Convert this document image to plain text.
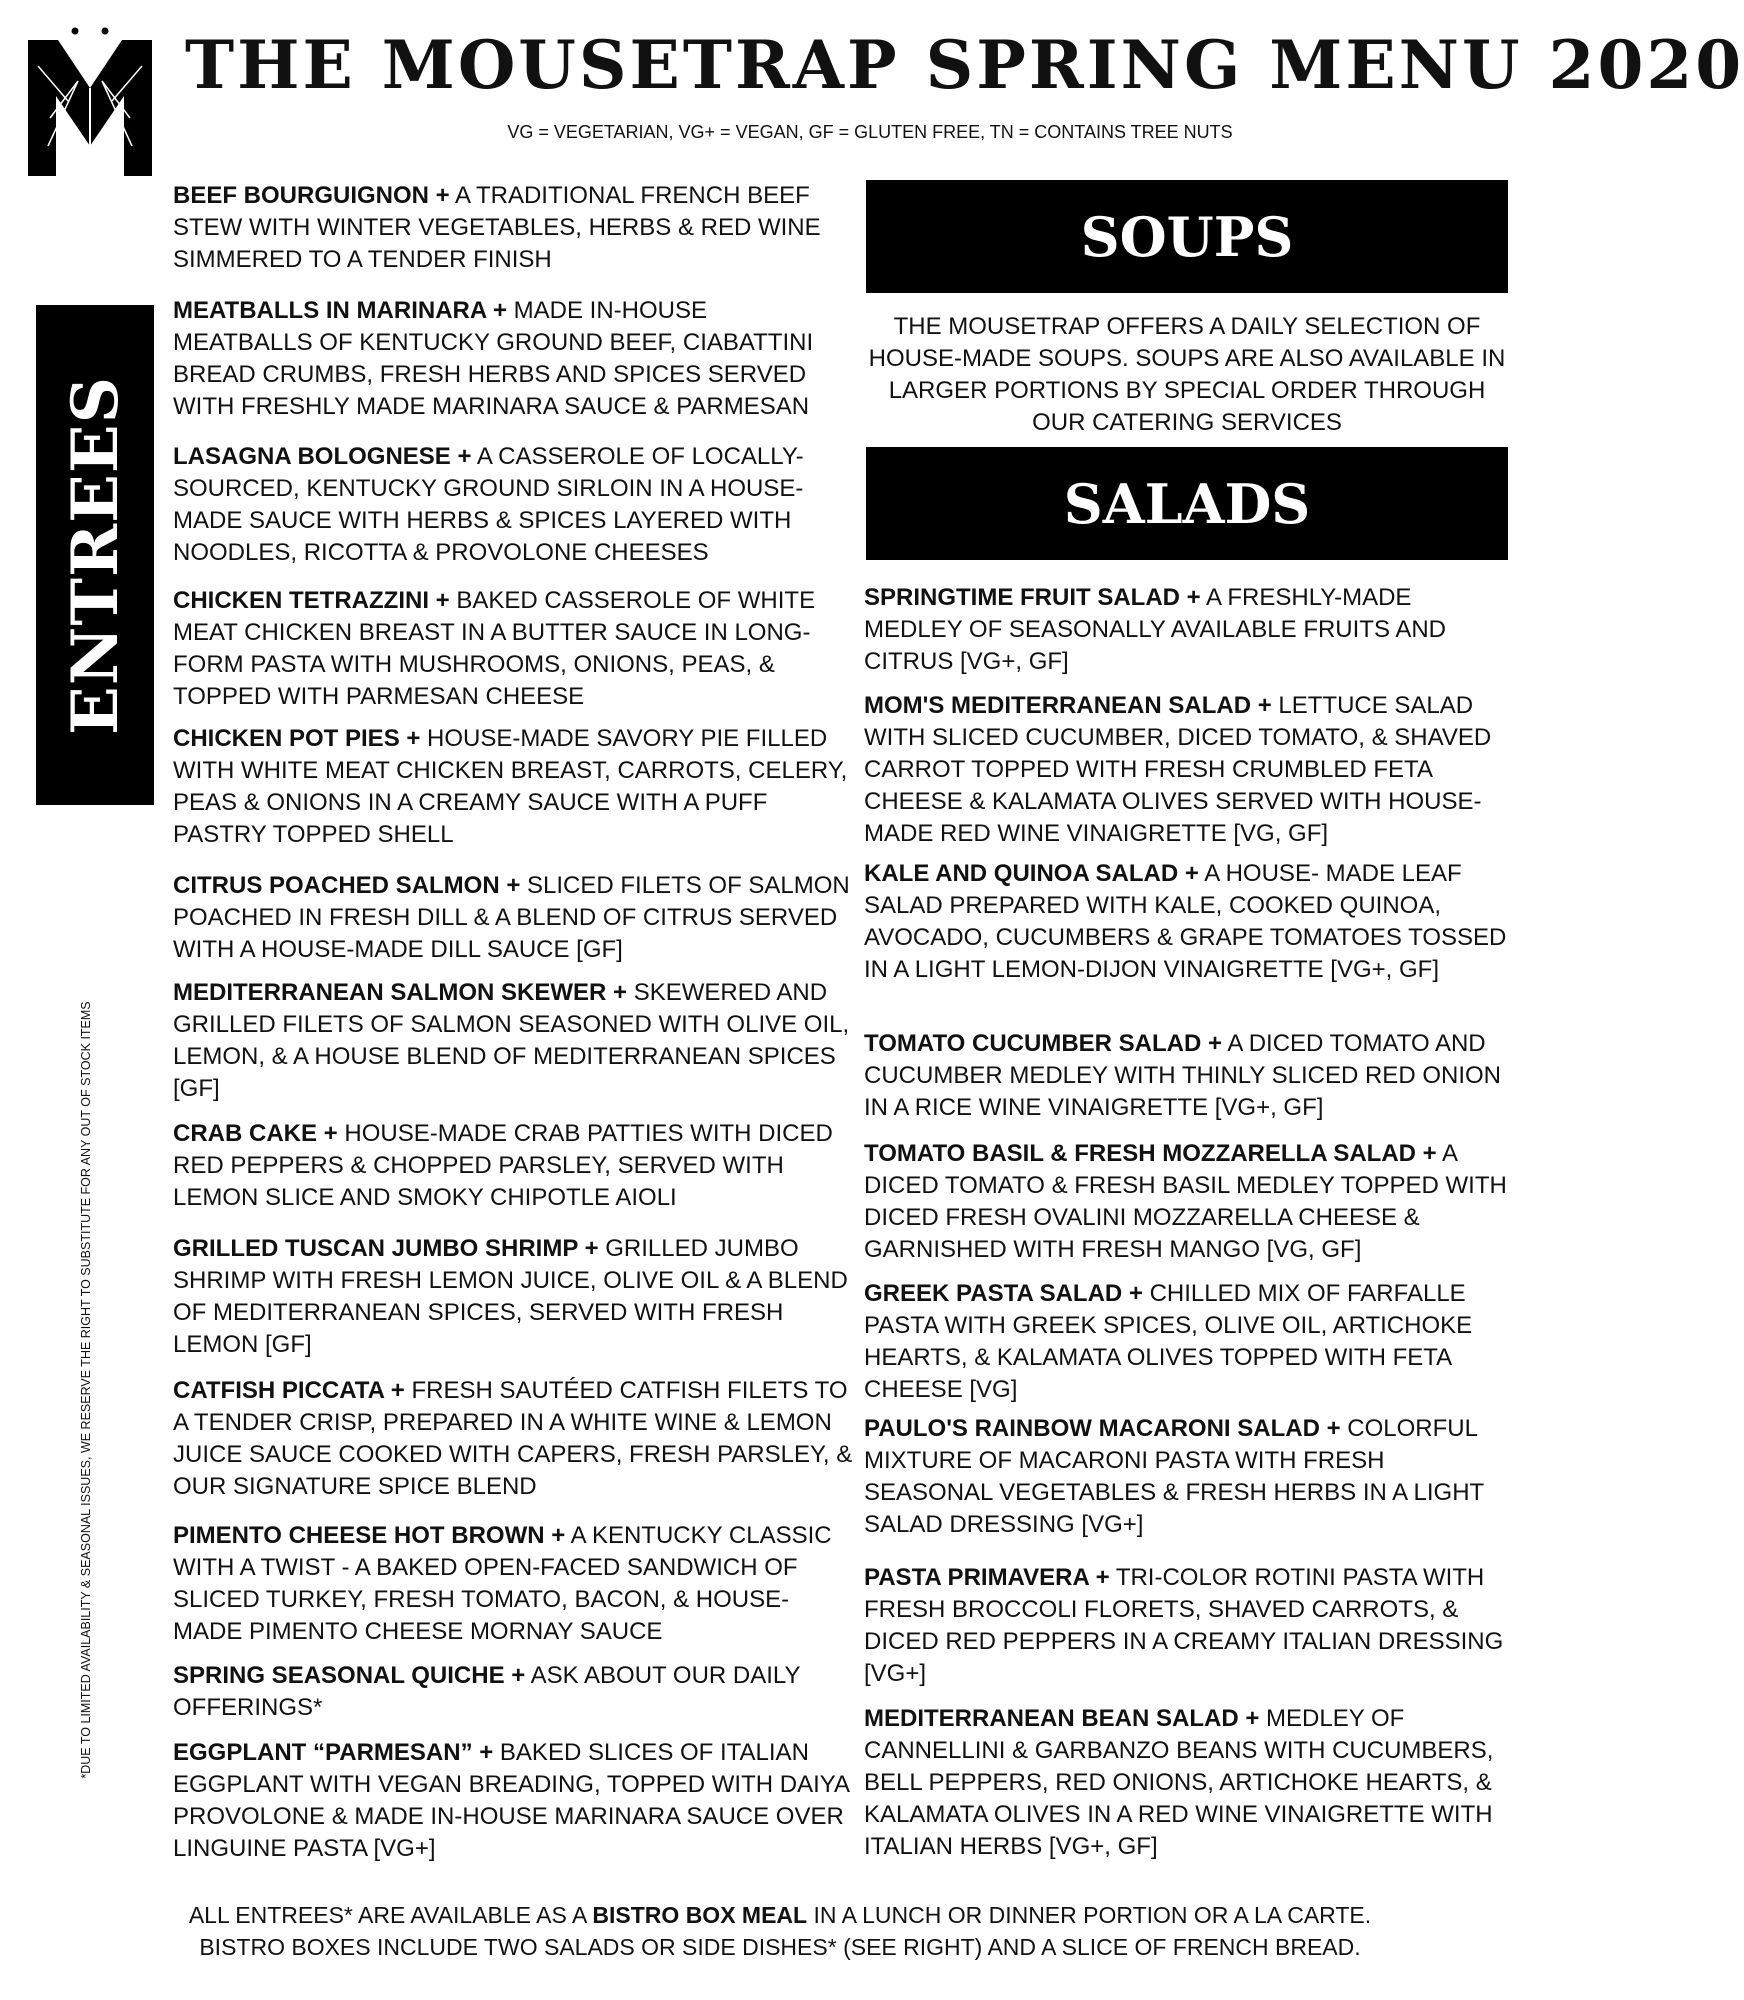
THE MOUSETRAP SPRING MENU 2020
VG = VEGETARIAN, VG+ = VEGAN, GF = GLUTEN FREE, TN = CONTAINS TREE NUTS
ENTREES
*DUE TO LIMITED AVAILABILITY & SEASONAL ISSUES, WE RESERVE THE RIGHT TO SUBSTITUTE FOR ANY OUT OF STOCK ITEMS
BEEF BOURGUIGNON + A TRADITIONAL FRENCH BEEF STEW WITH WINTER VEGETABLES, HERBS & RED WINE SIMMERED TO A TENDER FINISH
MEATBALLS IN MARINARA + MADE IN-HOUSE MEATBALLS OF KENTUCKY GROUND BEEF, CIABATTINI BREAD CRUMBS, FRESH HERBS AND SPICES SERVED WITH FRESHLY MADE MARINARA SAUCE & PARMESAN
LASAGNA BOLOGNESE + A CASSEROLE OF LOCALLY-SOURCED, KENTUCKY GROUND SIRLOIN IN A HOUSE-MADE SAUCE WITH HERBS & SPICES LAYERED WITH NOODLES, RICOTTA & PROVOLONE CHEESES
CHICKEN TETRAZZINI + BAKED CASSEROLE OF WHITE MEAT CHICKEN BREAST IN A BUTTER SAUCE IN LONG-FORM PASTA WITH MUSHROOMS, ONIONS, PEAS, & TOPPED WITH PARMESAN CHEESE
CHICKEN POT PIES + HOUSE-MADE SAVORY PIE FILLED WITH WHITE MEAT CHICKEN BREAST, CARROTS, CELERY, PEAS & ONIONS IN A CREAMY SAUCE WITH A PUFF PASTRY TOPPED SHELL
CITRUS POACHED SALMON + SLICED FILETS OF SALMON POACHED IN FRESH DILL & A BLEND OF CITRUS SERVED WITH A HOUSE-MADE DILL SAUCE [GF]
MEDITERRANEAN SALMON SKEWER + SKEWERED AND GRILLED FILETS OF SALMON SEASONED WITH OLIVE OIL, LEMON, & A HOUSE BLEND OF MEDITERRANEAN SPICES [GF]
CRAB CAKE + HOUSE-MADE CRAB PATTIES WITH DICED RED PEPPERS & CHOPPED PARSLEY, SERVED WITH LEMON SLICE AND SMOKY CHIPOTLE AIOLI
GRILLED TUSCAN JUMBO SHRIMP + GRILLED JUMBO SHRIMP WITH FRESH LEMON JUICE, OLIVE OIL & A BLEND OF MEDITERRANEAN SPICES, SERVED WITH FRESH LEMON [GF]
CATFISH PICCATA + FRESH SAUTÉED CATFISH FILETS TO A TENDER CRISP, PREPARED IN A WHITE WINE & LEMON JUICE SAUCE COOKED WITH CAPERS, FRESH PARSLEY, & OUR SIGNATURE SPICE BLEND
PIMENTO CHEESE HOT BROWN + A KENTUCKY CLASSIC WITH A TWIST - A BAKED OPEN-FACED SANDWICH OF SLICED TURKEY, FRESH TOMATO, BACON, & HOUSE-MADE PIMENTO CHEESE MORNAY SAUCE
SPRING SEASONAL QUICHE + ASK ABOUT OUR DAILY OFFERINGS*
EGGPLANT “PARMESAN” + BAKED SLICES OF ITALIAN EGGPLANT WITH VEGAN BREADING, TOPPED WITH DAIYA PROVOLONE & MADE IN-HOUSE MARINARA SAUCE OVER LINGUINE PASTA [VG+]
SOUPS
THE MOUSETRAP OFFERS A DAILY SELECTION OF HOUSE-MADE SOUPS. SOUPS ARE ALSO AVAILABLE IN LARGER PORTIONS BY SPECIAL ORDER THROUGH OUR CATERING SERVICES
SALADS
SPRINGTIME FRUIT SALAD + A FRESHLY-MADE MEDLEY OF SEASONALLY AVAILABLE FRUITS AND CITRUS [VG+, GF]
MOM'S MEDITERRANEAN SALAD + LETTUCE SALAD WITH SLICED CUCUMBER, DICED TOMATO, & SHAVED CARROT TOPPED WITH FRESH CRUMBLED FETA CHEESE & KALAMATA OLIVES SERVED WITH HOUSE-MADE RED WINE VINAIGRETTE [VG, GF]
KALE AND QUINOA SALAD + A HOUSE- MADE LEAF SALAD PREPARED WITH KALE, COOKED QUINOA, AVOCADO, CUCUMBERS & GRAPE TOMATOES TOSSED IN A LIGHT LEMON-DIJON VINAIGRETTE [VG+, GF]
TOMATO CUCUMBER SALAD + A DICED TOMATO AND CUCUMBER MEDLEY WITH THINLY SLICED RED ONION IN A RICE WINE VINAIGRETTE [VG+, GF]
TOMATO BASIL & FRESH MOZZARELLA SALAD + A DICED TOMATO & FRESH BASIL MEDLEY TOPPED WITH DICED FRESH OVALINI MOZZARELLA CHEESE & GARNISHED WITH FRESH MANGO [VG, GF]
GREEK PASTA SALAD + CHILLED MIX OF FARFALLE PASTA WITH GREEK SPICES, OLIVE OIL, ARTICHOKE HEARTS, & KALAMATA OLIVES TOPPED WITH FETA CHEESE [VG]
PAULO'S RAINBOW MACARONI SALAD + COLORFUL MIXTURE OF MACARONI PASTA WITH FRESH SEASONAL VEGETABLES & FRESH HERBS IN A LIGHT SALAD DRESSING [VG+]
PASTA PRIMAVERA + TRI-COLOR ROTINI PASTA WITH FRESH BROCCOLI FLORETS, SHAVED CARROTS, & DICED RED PEPPERS IN A CREAMY ITALIAN DRESSING [VG+]
MEDITERRANEAN BEAN SALAD + MEDLEY OF CANNELLINI & GARBANZO BEANS WITH CUCUMBERS, BELL PEPPERS, RED ONIONS, ARTICHOKE HEARTS, & KALAMATA OLIVES IN A RED WINE VINAIGRETTE WITH ITALIAN HERBS [VG+, GF]
ALL ENTREES* ARE AVAILABLE AS A BISTRO BOX MEAL IN A LUNCH OR DINNER PORTION OR A LA CARTE.
BISTRO BOXES INCLUDE TWO SALADS OR SIDE DISHES* (SEE RIGHT) AND A SLICE OF FRENCH BREAD.
